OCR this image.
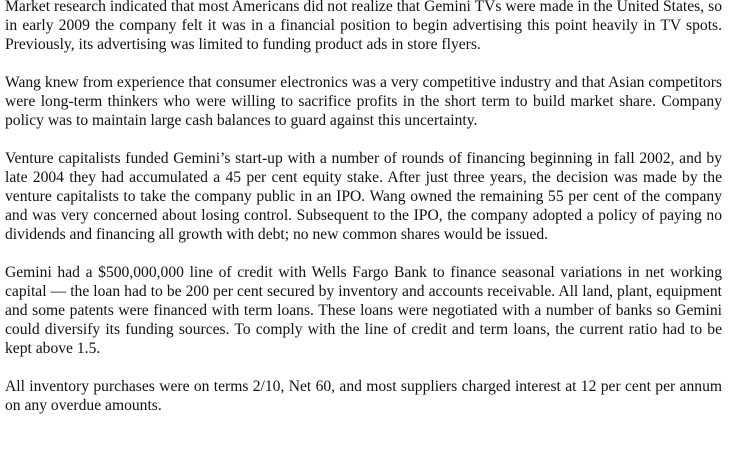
Market research indicated that most Americans did not realize that Gemini TVs were made in the United States, so in early 2009 the company felt it was in a financial position to begin advertising this point heavily in TV spots. Previously, its advertising was limited to funding product ads in store flyers.

Wang knew from experience that consumer electronics was a very competitive industry and that Asian competitors were long-term thinkers who were willing to sacrifice profits in the short term to build market share. Company policy was to maintain large cash balances to guard against this uncertainty.

Venture capitalists funded Gemini’s start-up with a number of rounds of financing beginning in fall 2002, and by late 2004 they had accumulated a 45 per cent equity stake. After just three years, the decision was made by the venture capitalists to take the company public in an IPO. Wang owned the remaining 55 per cent of the company and was very concerned about losing control. Subsequent to the IPO, the company adopted a policy of paying no dividends and financing all growth with debt; no new common shares would be issued.

Gemini had a $500,000,000 line of credit with Wells Fargo Bank to finance seasonal variations in net working capital — the loan had to be 200 per cent secured by inventory and accounts receivable. All land, plant, equipment and some patents were financed with term loans. These loans were negotiated with a number of banks so Gemini could diversify its funding sources. To comply with the line of credit and term loans, the current ratio had to be kept above 1.5.

All inventory purchases were on terms 2/10, Net 60, and most suppliers charged interest at 12 per cent per annum on any overdue amounts.
